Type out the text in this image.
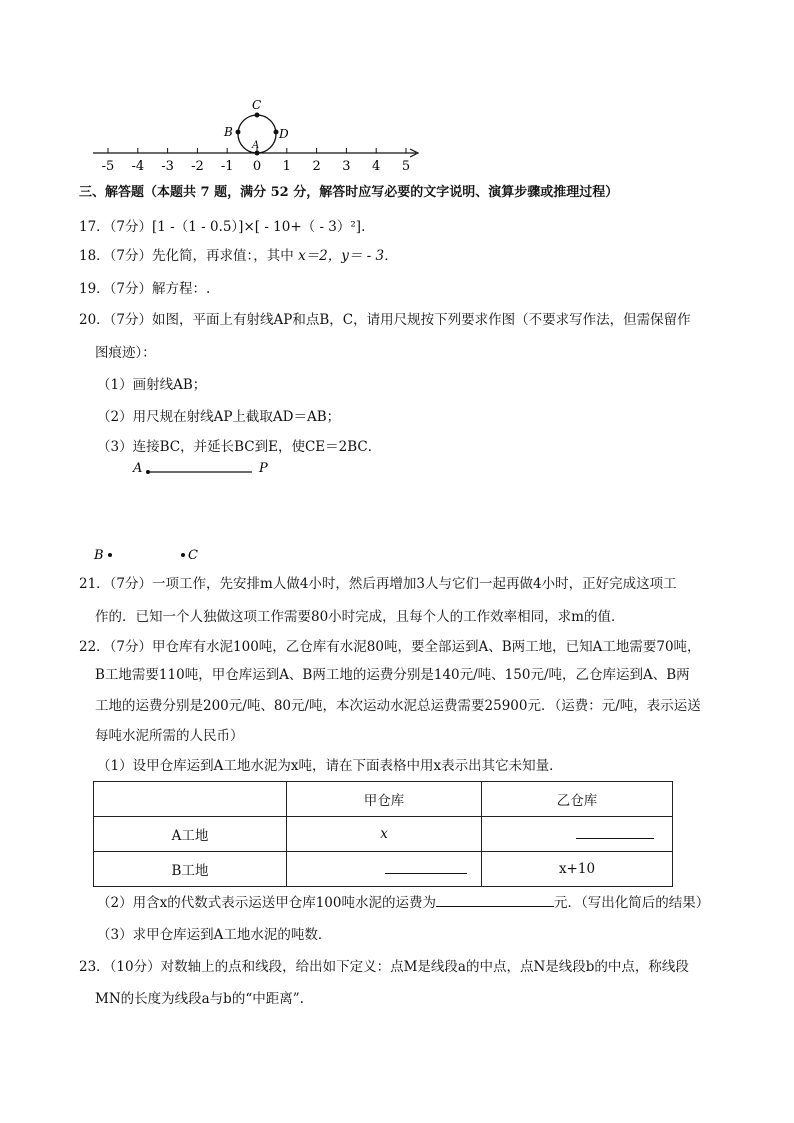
-5 -4 -3 -2 -1 0 1 2 3 4 5
C
B
A
D
三、解答题（本题共 7 题，满分 52 分，解答时应写必要的文字说明、演算步骤或推理过程）
17．（7分）[1 -（1 - 0.5）]×[ - 10+（ - 3）²].
18．（7分）先化简，再求值：，其中 x＝2，y＝ - 3．
19．（7分）解方程：.
20．（7分）如图，平面上有射线AP和点B，C，请用尺规按下列要求作图（不要求写作法，但需保留作
图痕迹）：
（1）画射线AB；
（2）用尺规在射线AP上截取AD＝AB；
（3）连接BC，并延长BC到E，使CE＝2BC．
A	P
B	C
21．（7分）一项工作，先安排m人做4小时，然后再增加3人与它们一起再做4小时，正好完成这项工
作的．已知一个人独做这项工作需要80小时完成，且每个人的工作效率相同，求m的值．
22．（7分）甲仓库有水泥100吨，乙仓库有水泥80吨，要全部运到A、B两工地，已知A工地需要70吨，
B工地需要110吨，甲仓库运到A、B两工地的运费分别是140元/吨、150元/吨，乙仓库运到A、B两
工地的运费分别是200元/吨、80元/吨，本次运动水泥总运费需要25900元．（运费：元/吨，表示运送
每吨水泥所需的人民币）
（1）设甲仓库运到A工地水泥为x吨，请在下面表格中用x表示出其它未知量．
	甲仓库	乙仓库
A工地	x	
B工地		x+10
（2）用含x的代数式表示运送甲仓库100吨水泥的运费为	元．（写出化简后的结果）
（3）求甲仓库运到A工地水泥的吨数．
23．（10分）对数轴上的点和线段，给出如下定义：点M是线段a的中点，点N是线段b的中点，称线段
MN的长度为线段a与b的“中距离”.
